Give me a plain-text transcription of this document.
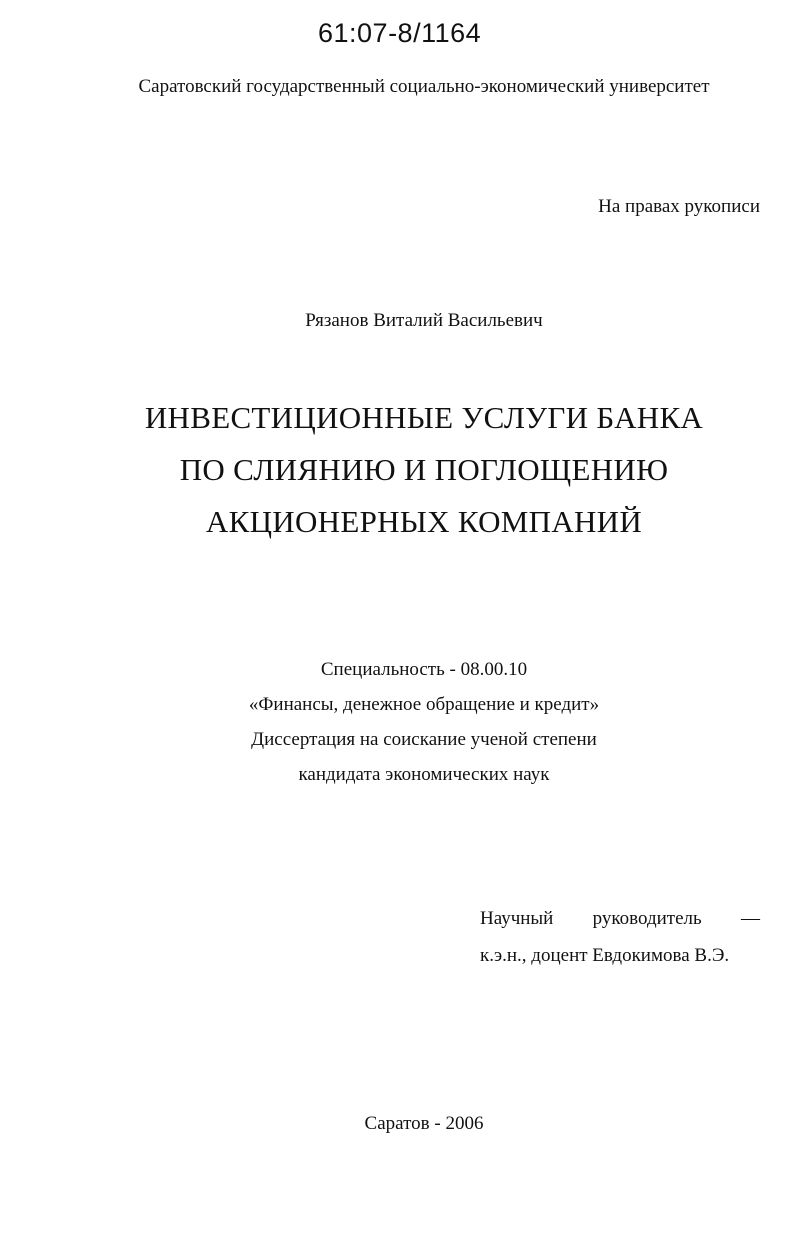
61:07-8/1164
Саратовский государственный социально-экономический университет
На правах рукописи
Рязанов Виталий Васильевич
ИНВЕСТИЦИОННЫЕ УСЛУГИ БАНКА
ПО СЛИЯНИЮ И ПОГЛОЩЕНИЮ
АКЦИОНЕРНЫХ КОМПАНИЙ
Специальность - 08.00.10
«Финансы, денежное обращение и кредит»
Диссертация на соискание ученой степени
кандидата экономических наук
Научный руководитель —
к.э.н., доцент Евдокимова В.Э.
Саратов - 2006
